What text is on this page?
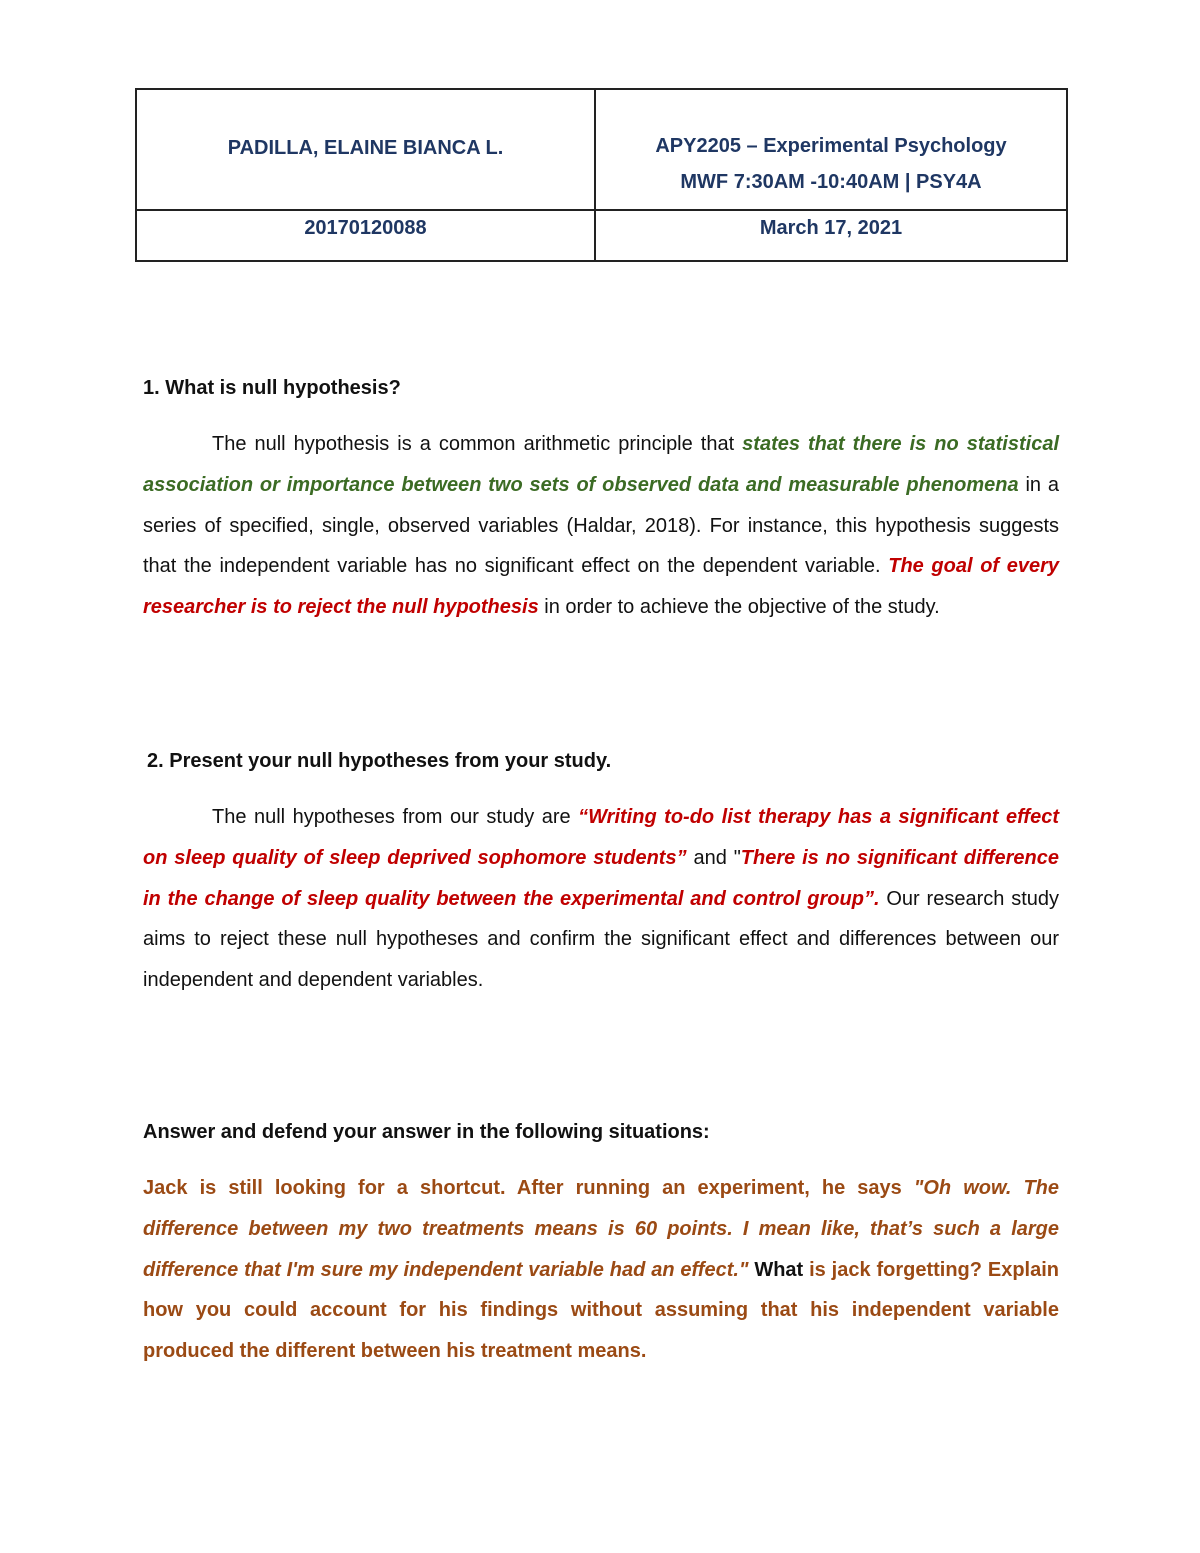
PADILLA, ELAINE BIANCA L.	APY2205 – Experimental Psychology
MWF 7:30AM -10:40AM | PSY4A
20170120088	March 17, 2021
1. What is null hypothesis?
The null hypothesis is a common arithmetic principle that states that there is no statistical association or importance between two sets of observed data and measurable phenomena in a series of specified, single, observed variables (Haldar, 2018). For instance, this hypothesis suggests that the independent variable has no significant effect on the dependent variable. The goal of every researcher is to reject the null hypothesis in order to achieve the objective of the study.
2. Present your null hypotheses from your study.
The null hypotheses from our study are “Writing to-do list therapy has a significant effect on sleep quality of sleep deprived sophomore students” and "There is no significant difference in the change of sleep quality between the experimental and control group”. Our research study aims to reject these null hypotheses and confirm the significant effect and differences between our independent and dependent variables.
Answer and defend your answer in the following situations:
Jack is still looking for a shortcut. After running an experiment, he says "Oh wow. The difference between my two treatments means is 60 points. I mean like, that’s such a large difference that I'm sure my independent variable had an effect." What is jack forgetting? Explain how you could account for his findings without assuming that his independent variable produced the different between his treatment means.
